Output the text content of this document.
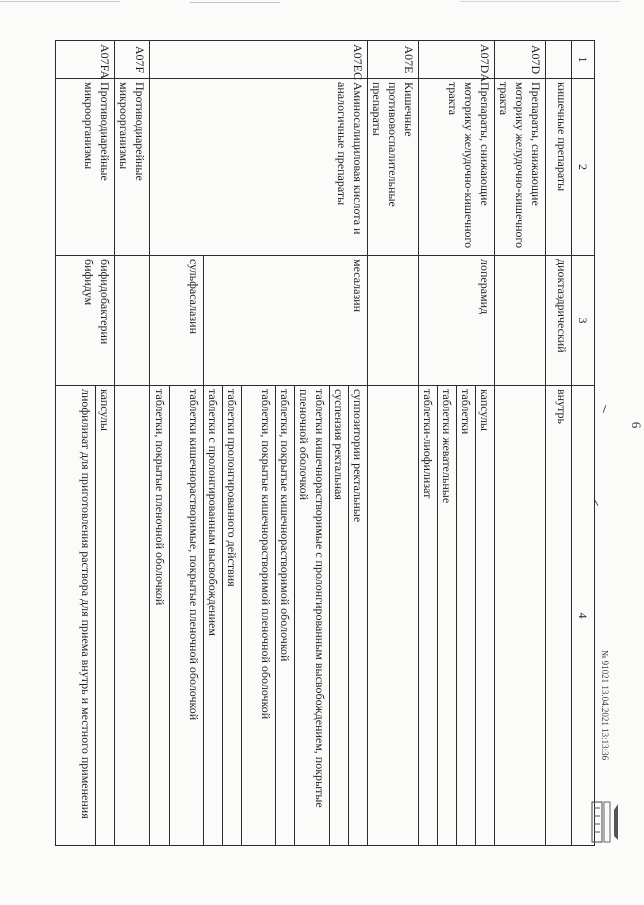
6
1	2	3	4
	кишечные препараты	диоктаэдрический	внутрь
A07D	Препараты, снижающие моторику желудочно-кишечного тракта		
A07DA	Препараты, снижающие моторику желудочно-кишечного тракта	лоперамид	капсулы
			таблетки
			таблетки жевательные
			таблетки-лиофилизат
A07E	Кишечные противовоспалительные препараты		
A07EC	Аминосалициловая кислота и аналогичные препараты	месалазин	суппозитории ректальные
			суспензия ректальная
			таблетки кишечнорастворимые с пролонгированным высвобождением, покрытые пленочной оболочкой
			таблетки, покрытые кишечнорастворимой оболочкой
			таблетки, покрытые кишечнорастворимой пленочной оболочкой
			таблетки пролонгированного действия
			таблетки с пролонгированным высвобождением
		сульфасалазин	таблетки кишечнорастворимые, покрытые пленочной оболочкой
			таблетки, покрытые пленочной оболочкой
A07F	Противодиарейные микроорганизмы		
A07FA	Противодиарейные микроорганизмы	бифидобактерии бифидум	капсулы
			лиофилизат для приготовления раствора для приема внутрь и местного применения	№ 91021 13.04.2021 13:13:36
